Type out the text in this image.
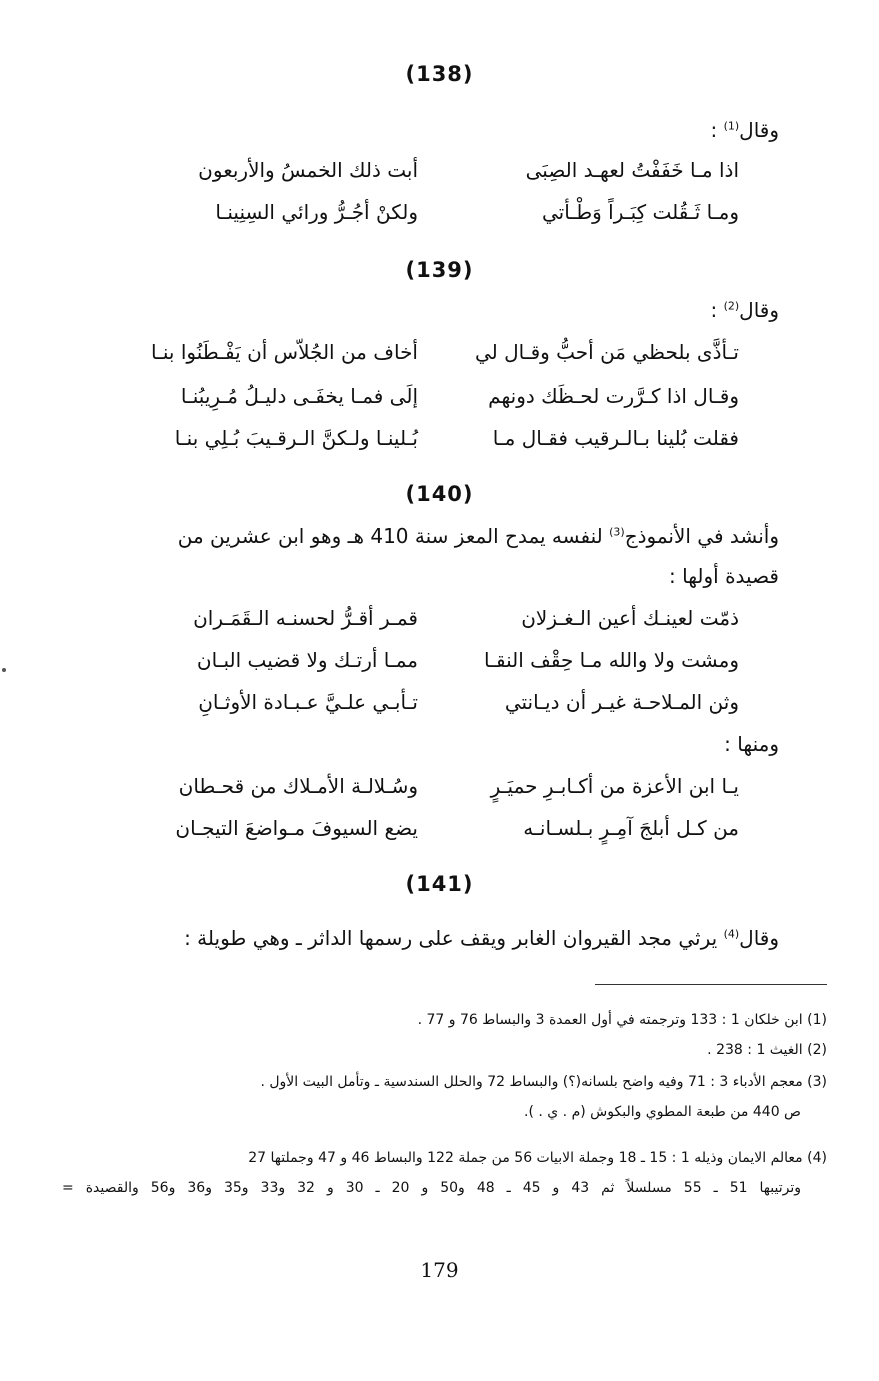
(138)
وقال$^{(1)}$ :
اذا مـا خَفَفْتُ لعهـد الصِبَى
أبت ذلك الخمسُ والأربعون
ومـا ثَـقُلت كِبَـراً وَطْـأتي
ولكنْ أجُـرُّ ورائي السِنِينـا
(139)
وقال$^{(2)}$ :
تـأذَّى بلحظي مَن أحبُّ وقـال لي
أخاف من الجُلاّس أن يَفْـطَنُوا بنـا
وقـال اذا كـرَّرت لحـظَك دونهم
إلَى فمـا يخفَـى دليـلُ مُـرِيبُنـا
فقلت بُلينا بـالـرقيب فقـال مـا
بُـلينـا ولـكنَّ الـرقـيبَ بُـلِي بنـا
(140)
وأنشد في الأنموذج$^{(3)}$ لنفسه يمدح المعز سنة 410 هـ وهو ابن عشرين من
قصيدة أولها :
ذمّت لعينـك أعين الـغـزلان
قمـر أقـرُّ لحسنـه الـقَمَـران
ومشت ولا والله مـا حِقْف النقـا
ممـا أرتـك ولا قضيب البـان
وثن المـلاحـة غيـر أن ديـانتي
تـأبـي علـيَّ عـبـادة الأوثـانِ
ومنها :
يـا ابن الأعزة من أكـابـرِ حميَـرٍ
وسُـلالـة الأمـلاك من قحـطان
من كـل أبلجَ آمِـرٍ بـلسـانـه
يضع السيوفَ مـواضعَ التيجـان
(141)
وقال$^{(4)}$ يرثي مجد القيروان الغابر ويقف على رسمها الداثر ـ وهي طويلة :
(1) ابن خلكان 1 : 133 وترجمته في أول العمدة 3 والبساط 76 و 77 .
(2) الغيث 1 : 238 .
(3) معجم الأدباء 3 : 71 وفيه واضح بلسانه(؟) والبساط 72 والحلل السندسية ـ وتأمل البيت الأول .
ص 440 من طبعة المطوي والبكوش (م . ي . ).
(4) معالم الايمان وذيله 1 : 15 ـ 18 وجملة الابيات 56 من جملة 122 والبساط 46 و 47 وجملتها 27
وترتيبها 51 ـ 55 مسلسلاً ثم 43 و 45 ـ 48 و50 و 20 ـ 30 و 32 و33 و35 و36 و56 والقصيدة =
179
